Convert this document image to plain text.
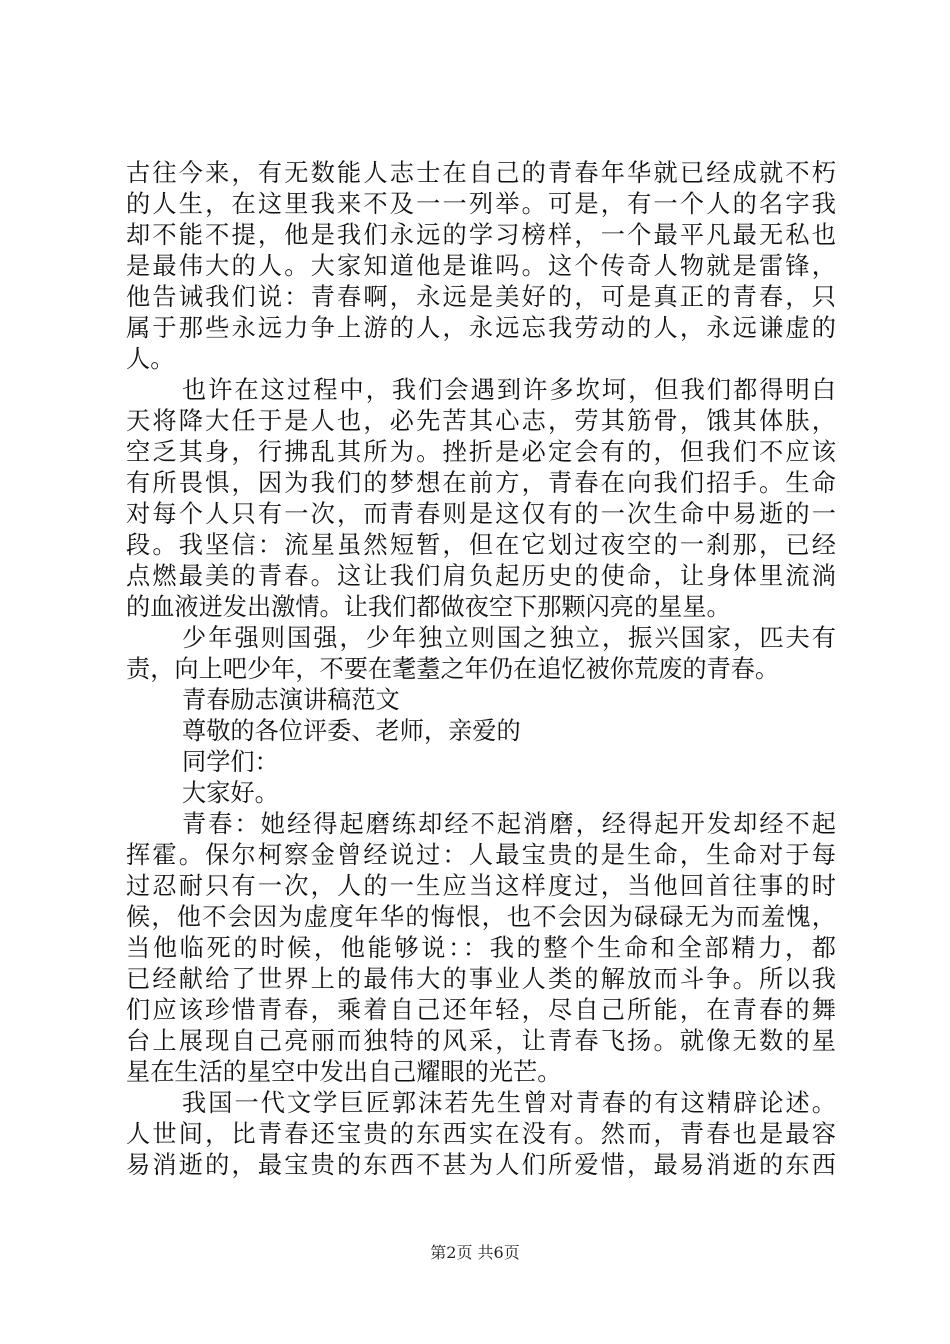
古往今来，有无数能人志士在自己的青春年华就已经成就不朽

的人生，在这里我来不及一一列举。可是，有一个人的名字我

却不能不提，他是我们永远的学习榜样，一个最平凡最无私也

是最伟大的人。大家知道他是谁吗。这个传奇人物就是雷锋，

他告诫我们说：青春啊，永远是美好的，可是真正的青春，只

属于那些永远力争上游的人，永远忘我劳动的人，永远谦虚的

人。

也许在这过程中，我们会遇到许多坎坷，但我们都得明白

天将降大任于是人也，必先苦其心志，劳其筋骨，饿其体肤，

空乏其身，行拂乱其所为。挫折是必定会有的，但我们不应该

有所畏惧，因为我们的梦想在前方，青春在向我们招手。生命

对每个人只有一次，而青春则是这仅有的一次生命中易逝的一

段。我坚信：流星虽然短暂，但在它划过夜空的一刹那，已经

点燃最美的青春。这让我们肩负起历史的使命，让身体里流淌

的血液迸发出激情。让我们都做夜空下那颗闪亮的星星。

少年强则国强，少年独立则国之独立，振兴国家，匹夫有

责，向上吧少年，不要在耄耋之年仍在追忆被你荒废的青春。

青春励志演讲稿范文

尊敬的各位评委、老师，亲爱的

同学们：

大家好。

青春：她经得起磨练却经不起消磨，经得起开发却经不起

挥霍。保尔柯察金曾经说过：人最宝贵的是生命，生命对于每

过忍耐只有一次，人的一生应当这样度过，当他回首往事的时

候，他不会因为虚度年华的悔恨，也不会因为碌碌无为而羞愧，

当他临死的时候，他能够说：：我的整个生命和全部精力，都

已经献给了世界上的最伟大的事业人类的解放而斗争。所以我

们应该珍惜青春，乘着自己还年轻，尽自己所能，在青春的舞

台上展现自己亮丽而独特的风采，让青春飞扬。就像无数的星

星在生活的星空中发出自己耀眼的光芒。

我国一代文学巨匠郭沫若先生曾对青春的有这精辟论述。

人世间，比青春还宝贵的东西实在没有。然而，青春也是最容

易消逝的，最宝贵的东西不甚为人们所爱惜，最易消逝的东西

第2页 共6页
